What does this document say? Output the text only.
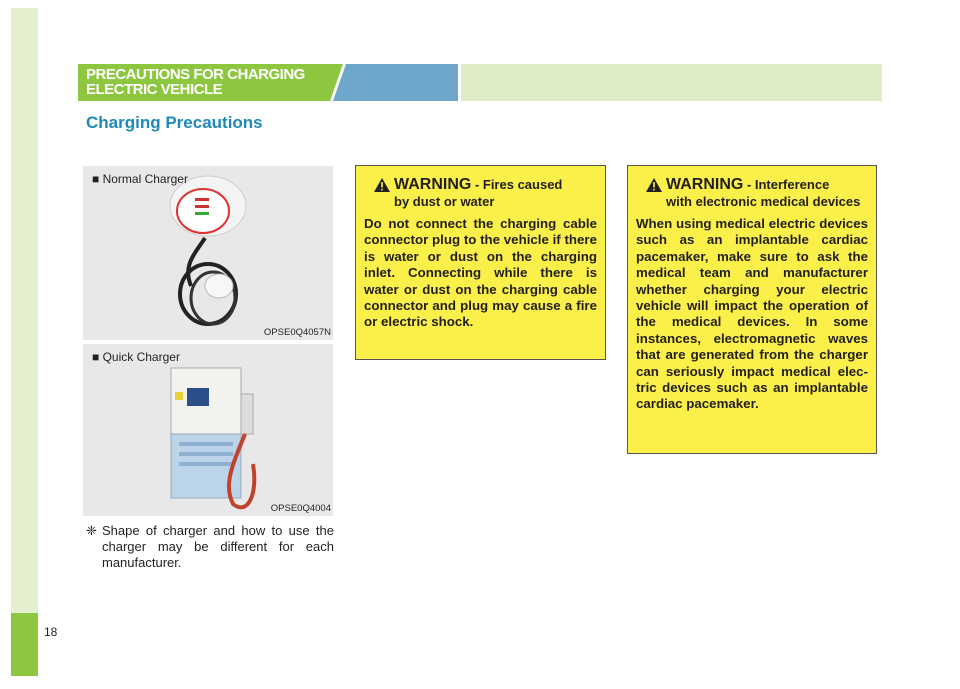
18
PRECAUTIONS FOR CHARGING
ELECTRIC VEHICLE
Charging Precautions
■ Normal Charger
OPSE0Q4057N
■ Quick Charger
OPSE0Q4004
❈ Shape of charger and how to use the charger may be different for each manufacturer.
WARNING - Fires caused
by dust or water
Do not connect the charging cable connector plug to the vehicle if there is water or dust on the charging inlet. Connecting while there is water or dust on the charging cable connector and plug may cause a fire or electric shock.
WARNING - Interference
with electronic medical devices
When using medical electric devices such as an implantable cardiac pacemaker, make sure to ask the medical team and manufacturer whether charging your electric vehicle will impact the operation of the medical devices. In some instances, electromagnetic waves that are generated from the charger can seriously impact medical elec- tric devices such as an implantable cardiac pacemaker.
